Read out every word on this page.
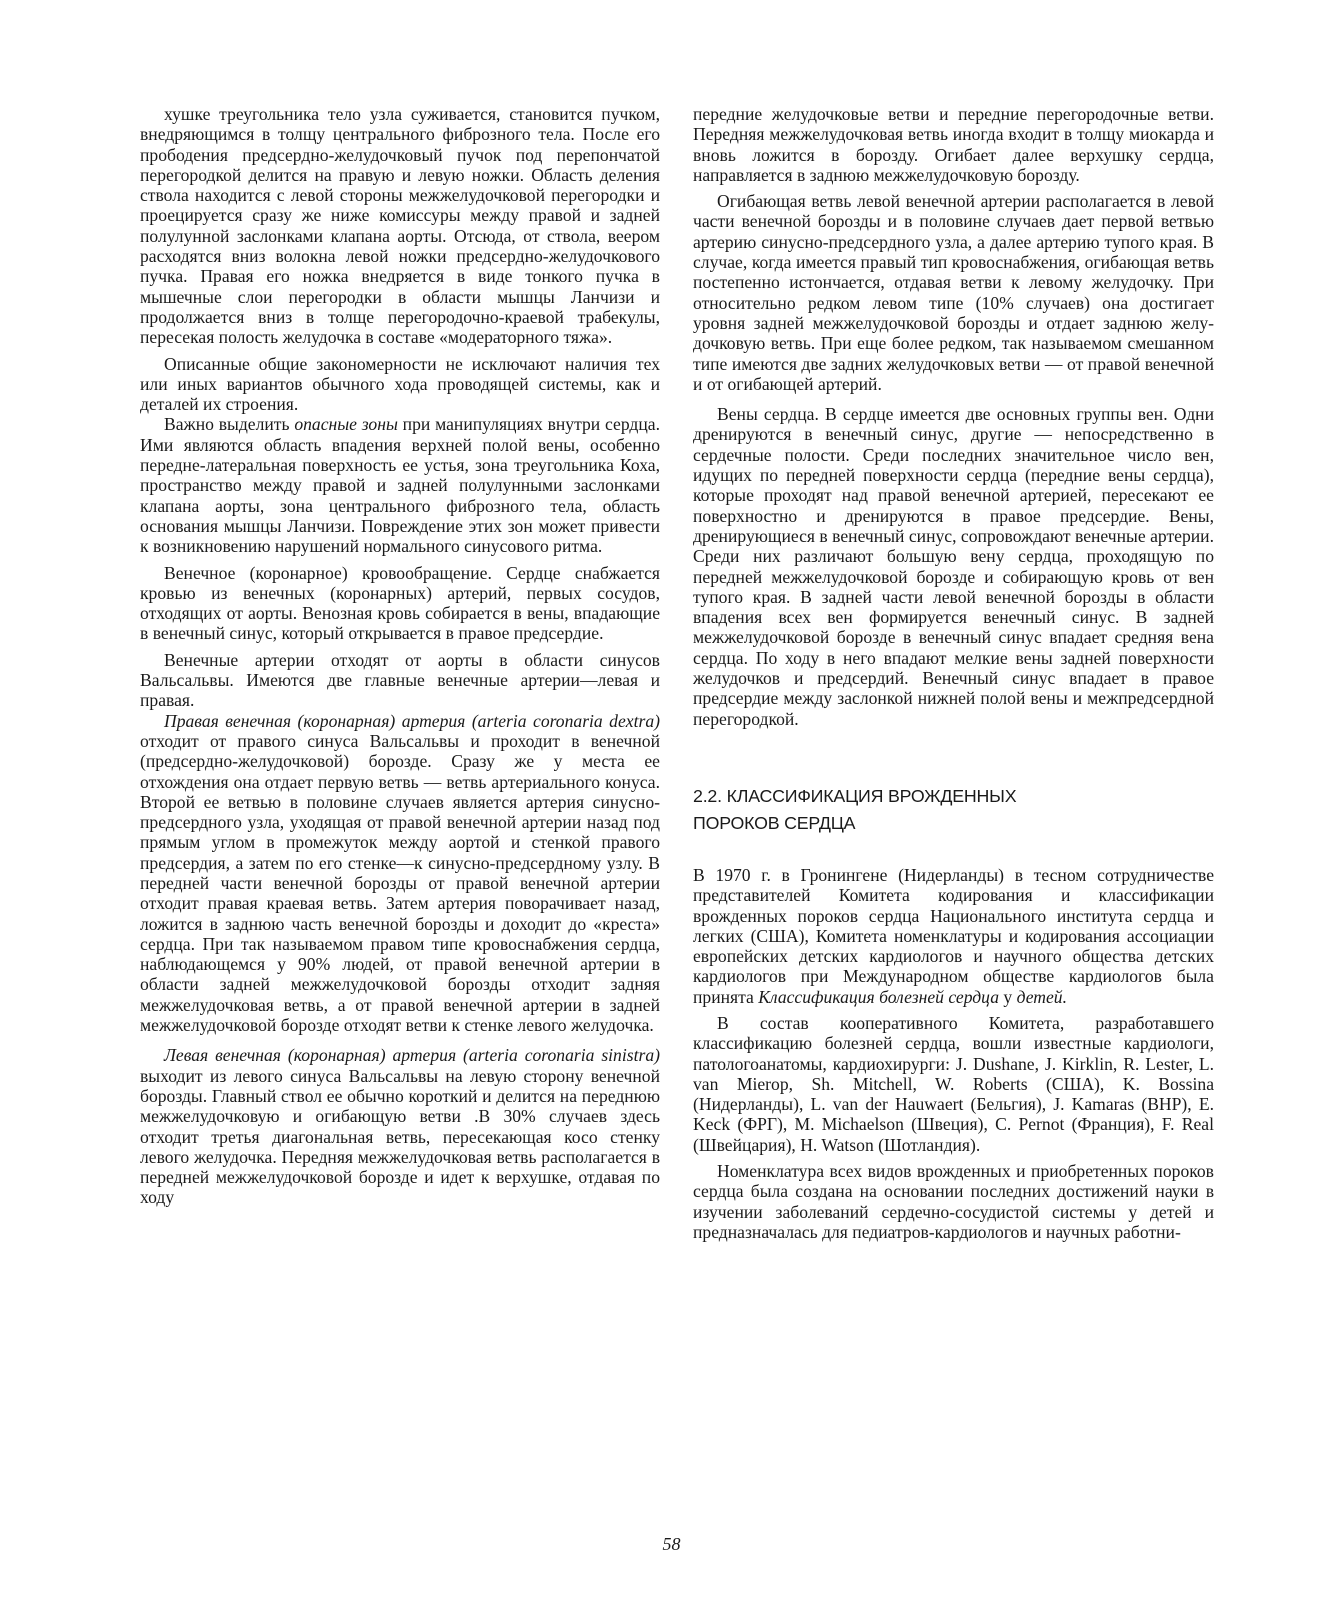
хушке треугольника тело узла суживается, становится пучком, внедряющимся в толщу центрального фиброзного тела. После его прободения предсердно-желудочковый пучок под перепончатой перегородкой делится на правую и левую ножки. Область деления ствола находится с левой стороны межжелудочковой перегородки и проецируется сразу же ниже комиссуры между правой и задней полулунной заслонками клапана аорты. Отсюда, от ствола, веером расходятся вниз волокна левой ножки предсердно-желудочкового пучка. Правая его ножка внедряется в виде тонкого пучка в мышечные слои перегородки в области мышцы Ланчизи и продолжается вниз в толще перегородочно-краевой трабекулы, пересекая полость желудочка в составе «модераторного тяжа».

Описанные общие закономерности не исключают наличия тех или иных вариантов обычного хода проводящей системы, как и деталей их строения.

Важно выделить опасные зоны при манипуляциях внутри сердца. Ими являются область впадения верхней полой вены, особенно передне-латеральная поверхность ее устья, зона треугольника Коха, пространство между правой и задней полулунными заслонками клапана аорты, зона центрального фиброзного тела, область основания мышцы Ланчизи. Повреждение этих зон может привести к возникновению нарушений нормального синусового ритма.

Венечное (коронарное) кровообращение. Сердце снабжается кровью из венечных (коронарных) артерий, первых сосудов, отходящих от аорты. Венозная кровь собирается в вены, впадающие в венечный синус, который открывается в правое предсердие.

Венечные артерии отходят от аорты в области синусов Вальсальвы. Имеются две главные венечные артерии—левая и правая.

Правая венечная (коронарная) артерия (arteria coronaria dextra) отходит от правого синуса Вальсальвы и проходит в венечной (предсердно-желудочковой) борозде. Сразу же у места ее отхождения она отдает первую ветвь — ветвь артериального конуса. Второй ее ветвью в половине случаев является артерия синусно-предсердного узла, уходящая от правой венечной артерии назад под прямым углом в промежуток между аортой и стенкой правого предсердия, а затем по его стенке—к синусно-предсердному узлу. В передней части венечной борозды от правой венечной артерии отходит правая краевая ветвь. Затем артерия поворачивает назад, ложится в заднюю часть венечной борозды и доходит до «креста» сердца. При так называемом правом типе кровоснабжения сердца, наблюдающемся у 90% людей, от правой венечной артерии в области задней межжелудочковой борозды отходит задняя межжелудочковая ветвь, а от правой венечной артерии в задней межжелудочковой борозде отходят ветви к стенке левого желудочка.

Левая венечная (коронарная) артерия (arteria coronaria sinistra) выходит из левого синуса Вальсальвы на левую сторону венечной борозды. Главный ствол ее обычно короткий и делится на переднюю межжелудочковую и огибающую ветви .В 30% случаев здесь отходит третья диагональная ветвь, пересекающая косо стенку левого желудочка. Передняя межжелудочковая ветвь располагается в передней межжелудочковой борозде и идет к верхушке, отдавая по ходу

передние желудочковые ветви и передние перегородочные ветви. Передняя межжелудочковая ветвь иногда входит в толщу миокарда и вновь ложится в борозду. Огибает далее верхушку сердца, направляется в заднюю межжелудочковую борозду.

Огибающая ветвь левой венечной артерии располагается в левой части венечной борозды и в половине случаев дает первой ветвью артерию синусно-предсердного узла, а далее артерию тупого края. В случае, когда имеется правый тип кровоснабжения, огибающая ветвь постепенно истончается, отдавая ветви к левому желудочку. При относительно редком левом типе (10% случаев) она достигает уровня задней межжелудочковой борозды и отдает заднюю желудочковую ветвь. При еще более редком, так называемом смешанном типе имеются две задних желудочковых ветви — от правой венечной и от огибающей артерий.

Вены сердца. В сердце имеется две основных группы вен. Одни дренируются в венечный синус, другие — непосредственно в сердечные полости. Среди последних значительное число вен, идущих по передней поверхности сердца (передние вены сердца), которые проходят над правой венечной артерией, пересекают ее поверхностно и дренируются в правое предсердие. Вены, дренирующиеся в венечный синус, сопровождают венечные артерии. Среди них различают большую вену сердца, проходящую по передней межжелудочковой борозде и собирающую кровь от вен тупого края. В задней части левой венечной борозды в области впадения всех вен формируется венечный синус. В задней межжелудочковой борозде в венечный синус впадает средняя вена сердца. По ходу в него впадают мелкие вены задней поверхности желудочков и предсердий. Венечный синус впадает в правое предсердие между заслонкой нижней полой вены и межпредсердной перегородкой.

2.2. КЛАССИФИКАЦИЯ ВРОЖДЕННЫХ
ПОРОКОВ СЕРДЦА

В 1970 г. в Гронингене (Нидерланды) в тесном сотрудничестве представителей Комитета кодирования и классификации врожденных пороков сердца Национального института сердца и легких (США), Комитета номенклатуры и кодирования ассоциации европейских детских кардиологов и научного общества детских кардиологов при Международном обществе кардиологов была принята Классификация болезней сердца у детей.

В состав кооперативного Комитета, разработавшего классификацию болезней сердца, вошли известные кардиологи, патологоанатомы, кардиохирурги: J. Dushane, J. Kirklin, R. Lester, L. van Mierop, Sh. Mitchell, W. Roberts (США), K. Bossina (Нидерланды), L. van der Hauwaert (Бельгия), J. Kamaras (ВНР), E. Keck (ФРГ), M. Michaelson (Швеция), C. Pernot (Франция), F. Real (Швейцария), H. Watson (Шотландия).

Номенклатура всех видов врожденных и приобретенных пороков сердца была создана на основании последних достижений науки в изучении заболеваний сердечно-сосудистой системы у детей и предназначалась для педиатров-кардиологов и научных работни-

58
